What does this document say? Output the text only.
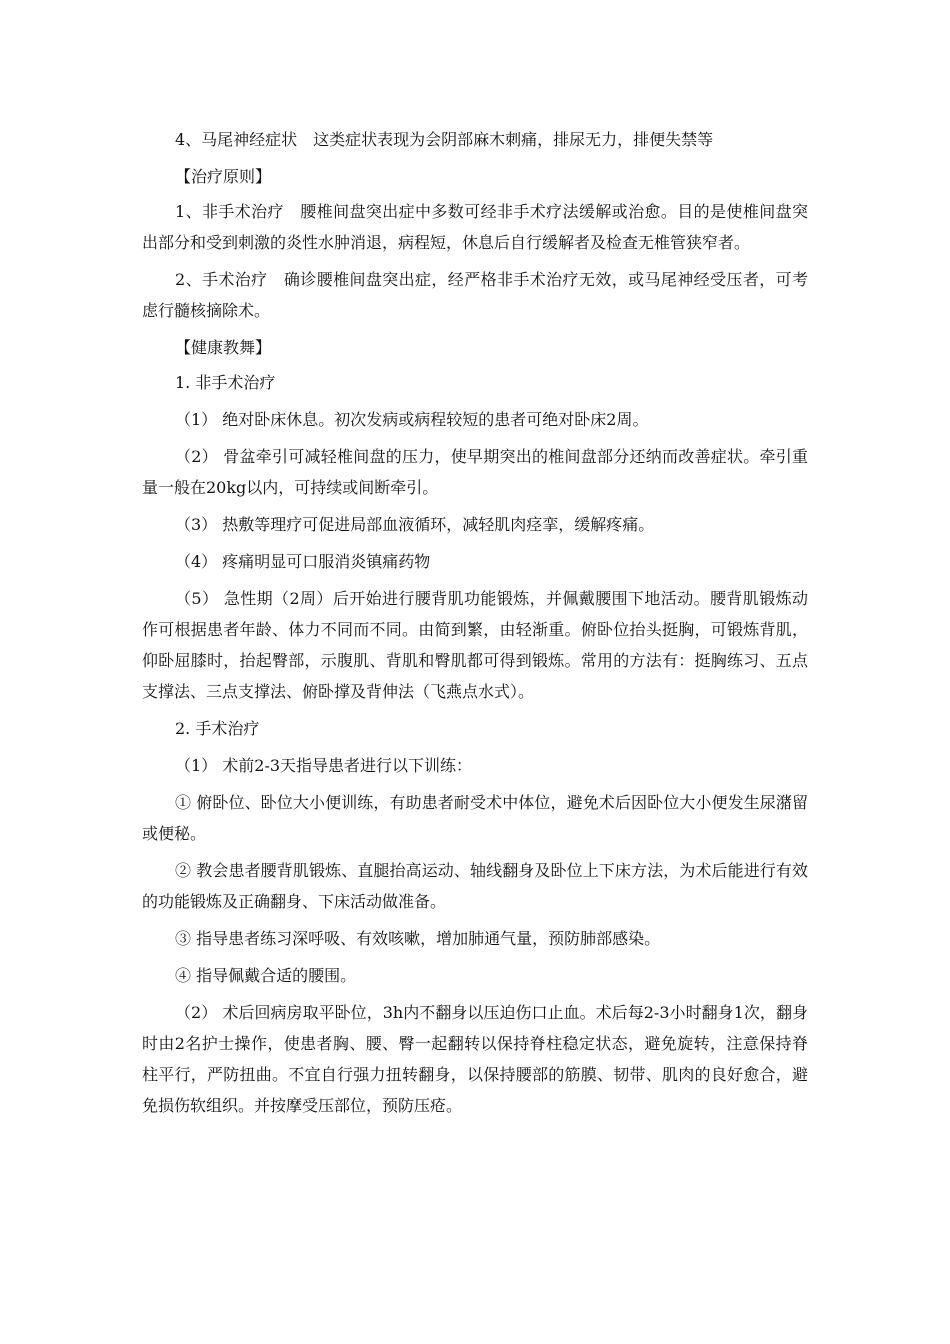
4、马尾神经症状　这类症状表现为会阴部麻木刺痛，排尿无力，排便失禁等

【治疗原则】

1、非手术治疗　腰椎间盘突出症中多数可经非手术疗法缓解或治愈。目的是使椎间盘突出部分和受到刺激的炎性水肿消退，病程短，休息后自行缓解者及检查无椎管狭窄者。

2、手术治疗　确诊腰椎间盘突出症，经严格非手术治疗无效，或马尾神经受压者，可考虑行髓核摘除术。

【健康教舞】

1. 非手术治疗

（1） 绝对卧床休息。初次发病或病程较短的患者可绝对卧床2周。

（2） 骨盆牵引可减轻椎间盘的压力，使早期突出的椎间盘部分还纳而改善症状。牵引重量一般在20kg以内，可持续或间断牵引。

（3） 热敷等理疗可促进局部血液循环，减轻肌肉痉挛，缓解疼痛。

（4） 疼痛明显可口服消炎镇痛药物

（5） 急性期（2周）后开始进行腰背肌功能锻炼，并佩戴腰围下地活动。腰背肌锻炼动作可根据患者年龄、体力不同而不同。由简到繁，由轻渐重。俯卧位抬头挺胸，可锻炼背肌，仰卧屈膝时，抬起臀部，示腹肌、背肌和臀肌都可得到锻炼。常用的方法有：挺胸练习、五点支撑法、三点支撑法、俯卧撑及背伸法（飞燕点水式）。

2. 手术治疗

（1） 术前2-3天指导患者进行以下训练：

① 俯卧位、卧位大小便训练，有助患者耐受术中体位，避免术后因卧位大小便发生尿潴留或便秘。

② 教会患者腰背肌锻炼、直腿抬高运动、轴线翻身及卧位上下床方法，为术后能进行有效的功能锻炼及正确翻身、下床活动做准备。

③ 指导患者练习深呼吸、有效咳嗽，增加肺通气量，预防肺部感染。

④ 指导佩戴合适的腰围。

（2） 术后回病房取平卧位，3h内不翻身以压迫伤口止血。术后每2-3小时翻身1次，翻身时由2名护士操作，使患者胸、腰、臀一起翻转以保持脊柱稳定状态，避免旋转，注意保持脊柱平行，严防扭曲。不宜自行强力扭转翻身，以保持腰部的筋膜、韧带、肌肉的良好愈合，避免损伤软组织。并按摩受压部位，预防压疮。
